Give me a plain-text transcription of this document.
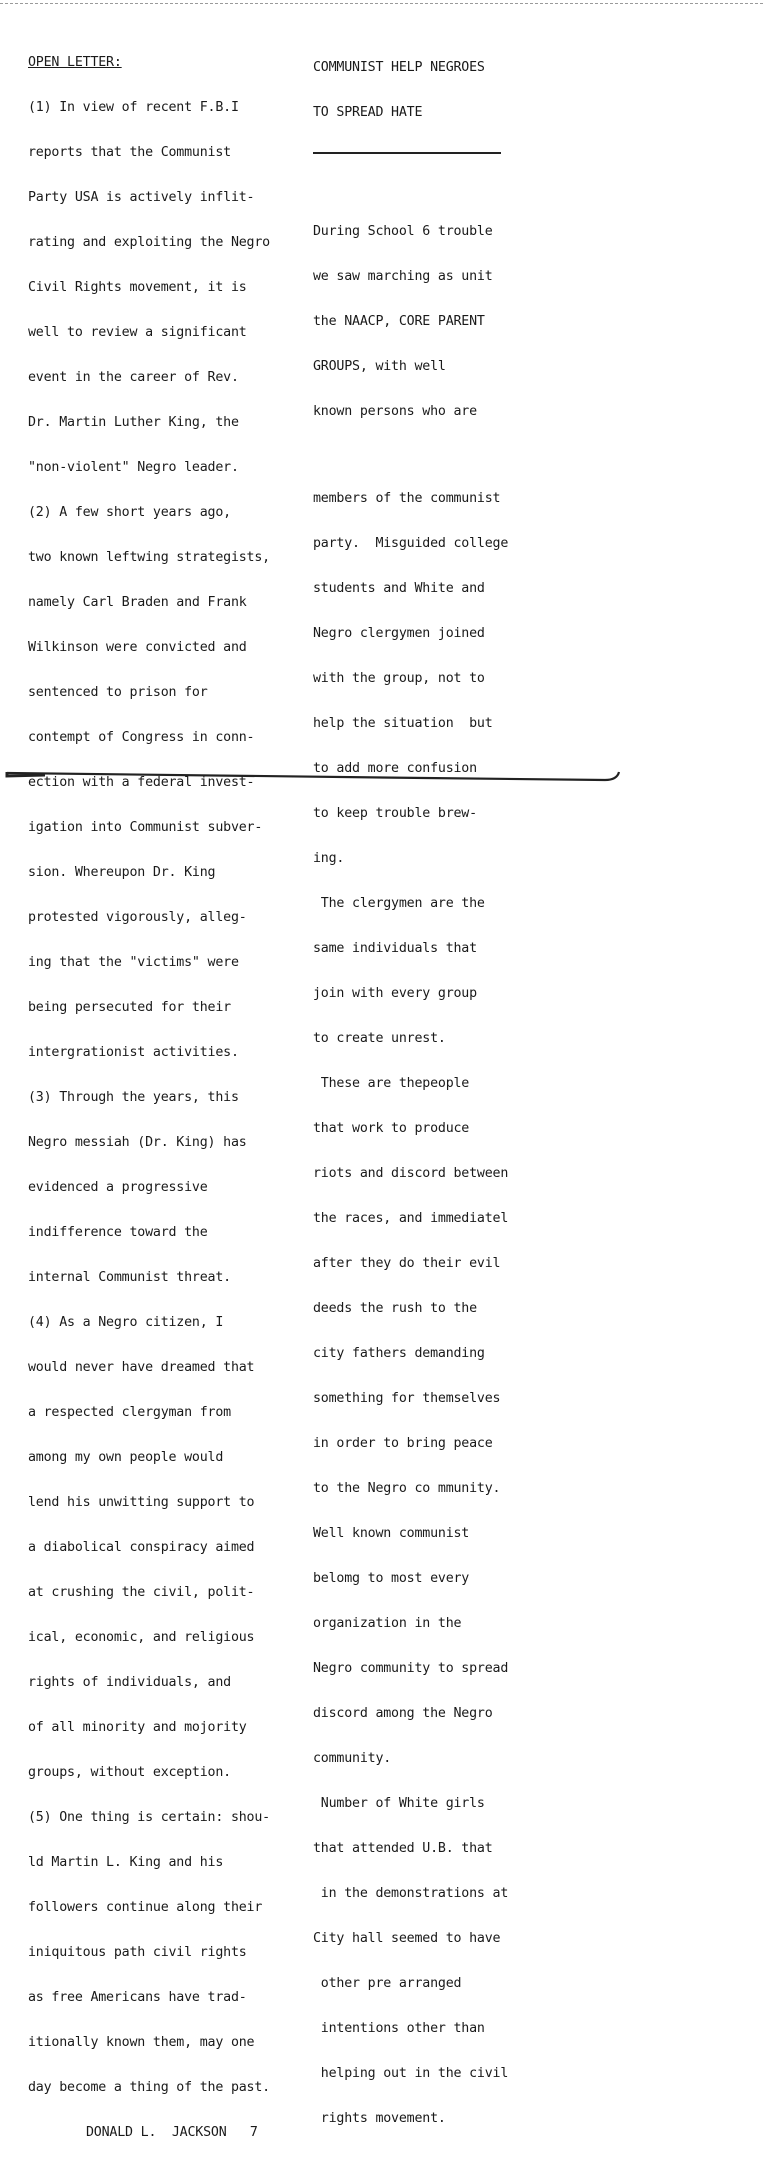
OPEN LETTER:

(1) In view of recent F.B.I

reports that the Communist

Party USA is actively inflit-

rating and exploiting the Negro

Civil Rights movement, it is

well to review a significant

event in the career of Rev.

Dr. Martin Luther King, the

"non-violent" Negro leader.

(2) A few short years ago,

two known leftwing strategists,

namely Carl Braden and Frank

Wilkinson were convicted and

sentenced to prison for

contempt of Congress in conn-

ection with a federal invest-

igation into Communist subver-

sion. Whereupon Dr. King

protested vigorously, alleg-

ing that the "victims" were

being persecuted for their

intergrationist activities.

(3) Through the years, this

Negro messiah (Dr. King) has

evidenced a progressive

indifference toward the

internal Communist threat.

(4) As a Negro citizen, I

would never have dreamed that

a respected clergyman from

among my own people would

lend his unwitting support to

a diabolical conspiracy aimed

at crushing the civil, polit-

ical, economic, and religious

rights of individuals, and

of all minority and mojority

groups, without exception.

(5) One thing is certain: shou-

ld Martin L. King and his

followers continue along their

iniquitous path civil rights

as free Americans have trad-

itionally known them, may one

day become a thing of the past.

DONALD L.  JACKSON   7

COMMUNIST HELP NEGROES

TO SPREAD HATE

During School 6 trouble

we saw marching as unit

the NAACP, CORE PARENT

GROUPS, with well

known persons who are

members of the communist

party.  Misguided college

students and White and

Negro clergymen joined

with the group, not to

help the situation  but

to add more confusion

to keep trouble brew-

ing.

The clergymen are the

same individuals that

join with every group

to create unrest.

These are thepeople

that work to produce

riots and discord between

the races, and immediatel

after they do their evil

deeds the rush to the

city fathers demanding

something for themselves

in order to bring peace

to the Negro co mmunity.

Well known communist

belomg to most every

organization in the

Negro community to spread

discord among the Negro

community.

Number of White girls

that attended U.B. that

in the demonstrations at

City hall seemed to have

other pre arranged

intentions other than

helping out in the civil

rights movement.
